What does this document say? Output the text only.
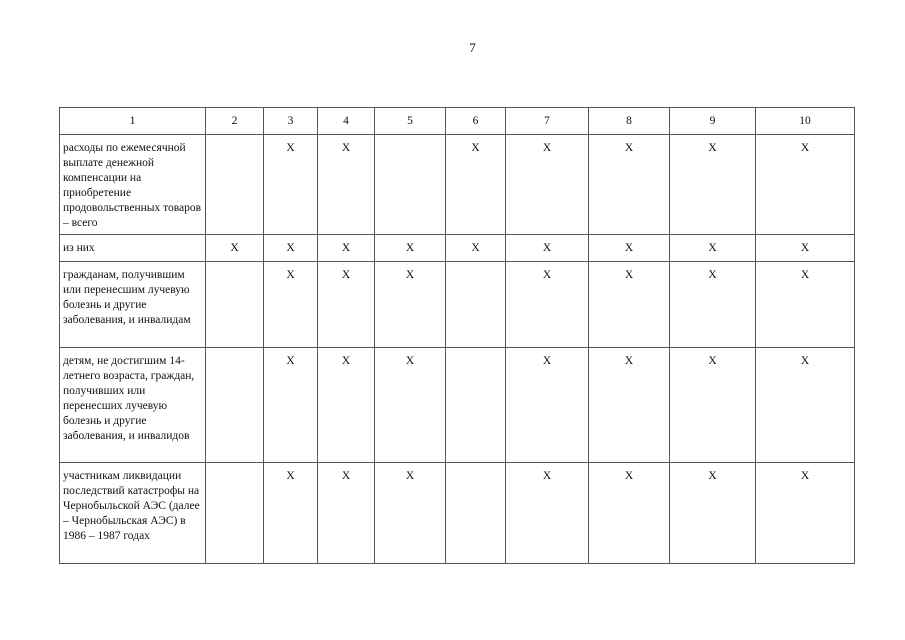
7
1	2	3	4	5	6	7	8	9	10
расходы по ежемесячной выплате денежной компенсации на приобретение продовольственных товаров – всего		Х	Х		Х	Х	Х	Х	Х
из них	Х	Х	Х	Х	Х	Х	Х	Х	Х
гражданам, получившим или перенесшим лучевую болезнь и другие заболевания, и инвалидам		Х	Х	Х		Х	Х	Х	Х
детям, не достигшим 14-летнего возраста, граждан, получивших или перенесших лучевую болезнь и другие заболевания, и инвалидов		Х	Х	Х		Х	Х	Х	Х
участникам ликвидации последствий катастрофы на Чернобыльской АЭС (далее – Чернобыльская АЭС) в 1986 – 1987 годах		Х	Х	Х		Х	Х	Х	Х
